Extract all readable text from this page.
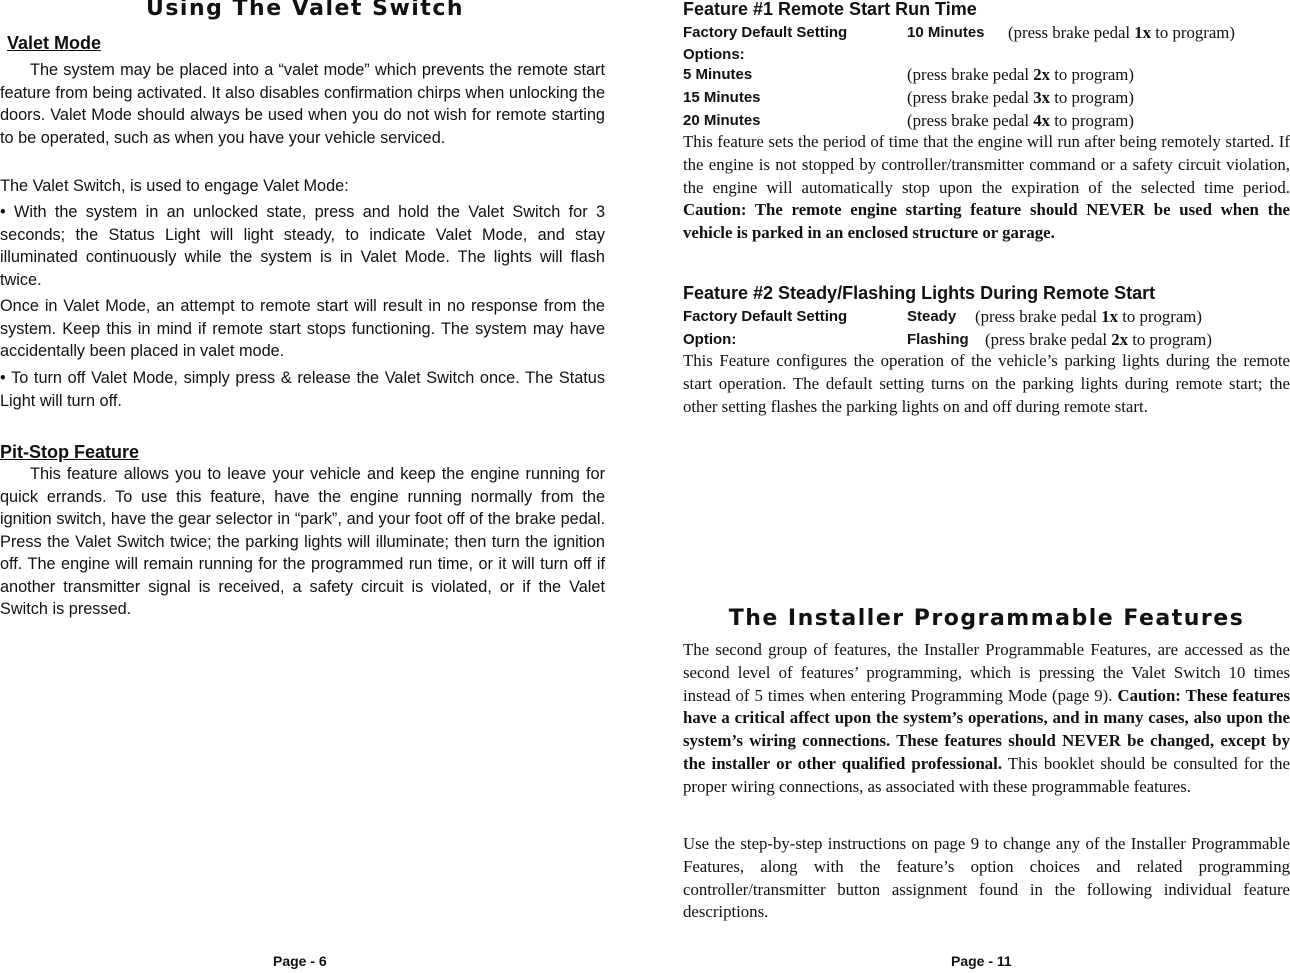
Using The Valet Switch
Valet Mode

The system may be placed into a “valet mode” which prevents the remote start feature from being activated. It also disables confirmation chirps when unlocking the doors. Valet Mode should always be used when you do not wish for remote starting to be operated, such as when you have your vehicle serviced.

The Valet Switch, is used to engage Valet Mode:

• With the system in an unlocked state, press and hold the Valet Switch for 3 seconds; the Status Light will light steady, to indicate Valet Mode, and stay illuminated continuously while the system is in Valet Mode. The lights will flash twice.

Once in Valet Mode, an attempt to remote start will result in no response from the system. Keep this in mind if remote start stops functioning. The system may have accidentally been placed in valet mode.

• To turn off Valet Mode, simply press & release the Valet Switch once. The Status Light will turn off.

Pit-Stop Feature

This feature allows you to leave your vehicle and keep the engine running for quick errands. To use this feature, have the engine running normally from the ignition switch, have the gear selector in “park”, and your foot off of the brake pedal. Press the Valet Switch twice; the parking lights will illuminate; then turn the ignition off. The engine will remain running for the programmed run time, or it will turn off if another transmitter signal is received, a safety circuit is violated, or if the Valet Switch is pressed.

Page - 6
Feature #1 Remote Start Run Time
Factory Default Setting	10 Minutes (press brake pedal 1x to program)
Options:
5 Minutes	(press brake pedal 2x to program)
15 Minutes	(press brake pedal 3x to program)
20 Minutes	(press brake pedal 4x to program)

This feature sets the period of time that the engine will run after being remotely started. If the engine is not stopped by controller/transmitter command or a safety circuit violation, the engine will automatically stop upon the expiration of the selected time period. Caution: The remote engine starting feature should NEVER be used when the vehicle is parked in an enclosed structure or garage.

Feature #2 Steady/Flashing Lights During Remote Start
Factory Default Setting	Steady (press brake pedal 1x to program)
Option:	Flashing (press brake pedal 2x to program)

This Feature configures the operation of the vehicle’s parking lights during the remote start operation. The default setting turns on the parking lights during remote start; the other setting flashes the parking lights on and off during remote start.

The Installer Programmable Features

The second group of features, the Installer Programmable Features, are accessed as the second level of features’ programming, which is pressing the Valet Switch 10 times instead of 5 times when entering Programming Mode (page 9). Caution: These features have a critical affect upon the system’s operations, and in many cases, also upon the system’s wiring connections. These features should NEVER be changed, except by the installer or other qualified professional. This booklet should be consulted for the proper wiring connections, as associated with these programmable features.

Use the step-by-step instructions on page 9 to change any of the Installer Programmable Features, along with the feature’s option choices and related programming controller/transmitter button assignment found in the following individual feature descriptions.

Page - 11
